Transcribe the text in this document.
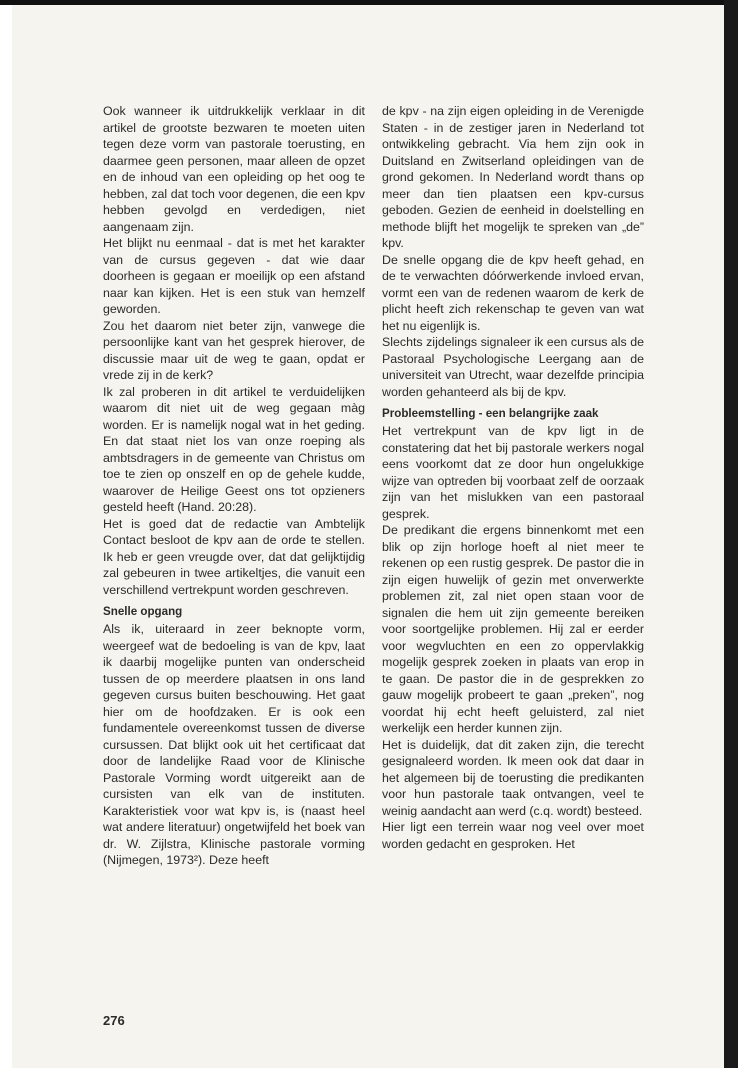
Ook wanneer ik uitdrukkelijk verklaar in dit artikel de grootste bezwaren te moeten uiten tegen deze vorm van pastorale toerusting, en daarmee geen personen, maar alleen de opzet en de inhoud van een opleiding op het oog te hebben, zal dat toch voor degenen, die een kpv hebben gevolgd en verdedigen, niet aangenaam zijn.

Het blijkt nu eenmaal - dat is met het karakter van de cursus gegeven - dat wie daar doorheen is gegaan er moeilijk op een afstand naar kan kijken. Het is een stuk van hemzelf geworden.

Zou het daarom niet beter zijn, vanwege die persoonlijke kant van het gesprek hierover, de discussie maar uit de weg te gaan, opdat er vrede zij in de kerk?

Ik zal proberen in dit artikel te verduidelijken waarom dit niet uit de weg gegaan màg worden. Er is namelijk nogal wat in het geding. En dat staat niet los van onze roeping als ambtsdragers in de gemeente van Christus om toe te zien op onszelf en op de gehele kudde, waarover de Heilige Geest ons tot opzieners gesteld heeft (Hand. 20:28).

Het is goed dat de redactie van Ambtelijk Contact besloot de kpv aan de orde te stellen. Ik heb er geen vreugde over, dat dat gelijktijdig zal gebeuren in twee artikeltjes, die vanuit een verschillend vertrekpunt worden geschreven.

Snelle opgang

Als ik, uiteraard in zeer beknopte vorm, weergeef wat de bedoeling is van de kpv, laat ik daarbij mogelijke punten van onderscheid tussen de op meerdere plaatsen in ons land gegeven cursus buiten beschouwing. Het gaat hier om de hoofdzaken. Er is ook een fundamentele overeenkomst tussen de diverse cursussen. Dat blijkt ook uit het certificaat dat door de landelijke Raad voor de Klinische Pastorale Vorming wordt uitgereikt aan de cursisten van elk van de instituten. Karakteristiek voor wat kpv is, is (naast heel wat andere literatuur) ongetwijfeld het boek van dr. W. Zijlstra, Klinische pastorale vorming (Nijmegen, 1973²). Deze heeft

de kpv - na zijn eigen opleiding in de Verenigde Staten - in de zestiger jaren in Nederland tot ontwikkeling gebracht. Via hem zijn ook in Duitsland en Zwitserland opleidingen van de grond gekomen. In Nederland wordt thans op meer dan tien plaatsen een kpv-cursus geboden. Gezien de eenheid in doelstelling en methode blijft het mogelijk te spreken van „de” kpv.

De snelle opgang die de kpv heeft gehad, en de te verwachten dóórwerkende invloed ervan, vormt een van de redenen waarom de kerk de plicht heeft zich rekenschap te geven van wat het nu eigenlijk is.

Slechts zijdelings signaleer ik een cursus als de Pastoraal Psychologische Leergang aan de universiteit van Utrecht, waar dezelfde principia worden gehanteerd als bij de kpv.

Probleemstelling - een belangrijke zaak

Het vertrekpunt van de kpv ligt in de constatering dat het bij pastorale werkers nogal eens voorkomt dat ze door hun ongelukkige wijze van optreden bij voorbaat zelf de oorzaak zijn van het mislukken van een pastoraal gesprek.

De predikant die ergens binnenkomt met een blik op zijn horloge hoeft al niet meer te rekenen op een rustig gesprek. De pastor die in zijn eigen huwelijk of gezin met onverwerkte problemen zit, zal niet open staan voor de signalen die hem uit zijn gemeente bereiken voor soortgelijke problemen. Hij zal er eerder voor wegvluchten en een zo oppervlakkig mogelijk gesprek zoeken in plaats van erop in te gaan. De pastor die in de gesprekken zo gauw mogelijk probeert te gaan „preken”, nog voordat hij echt heeft geluisterd, zal niet werkelijk een herder kunnen zijn.

Het is duidelijk, dat dit zaken zijn, die terecht gesignaleerd worden. Ik meen ook dat daar in het algemeen bij de toerusting die predikanten voor hun pastorale taak ontvangen, veel te weinig aandacht aan werd (c.q. wordt) besteed.

Hier ligt een terrein waar nog veel over moet worden gedacht en gesproken. Het

276
